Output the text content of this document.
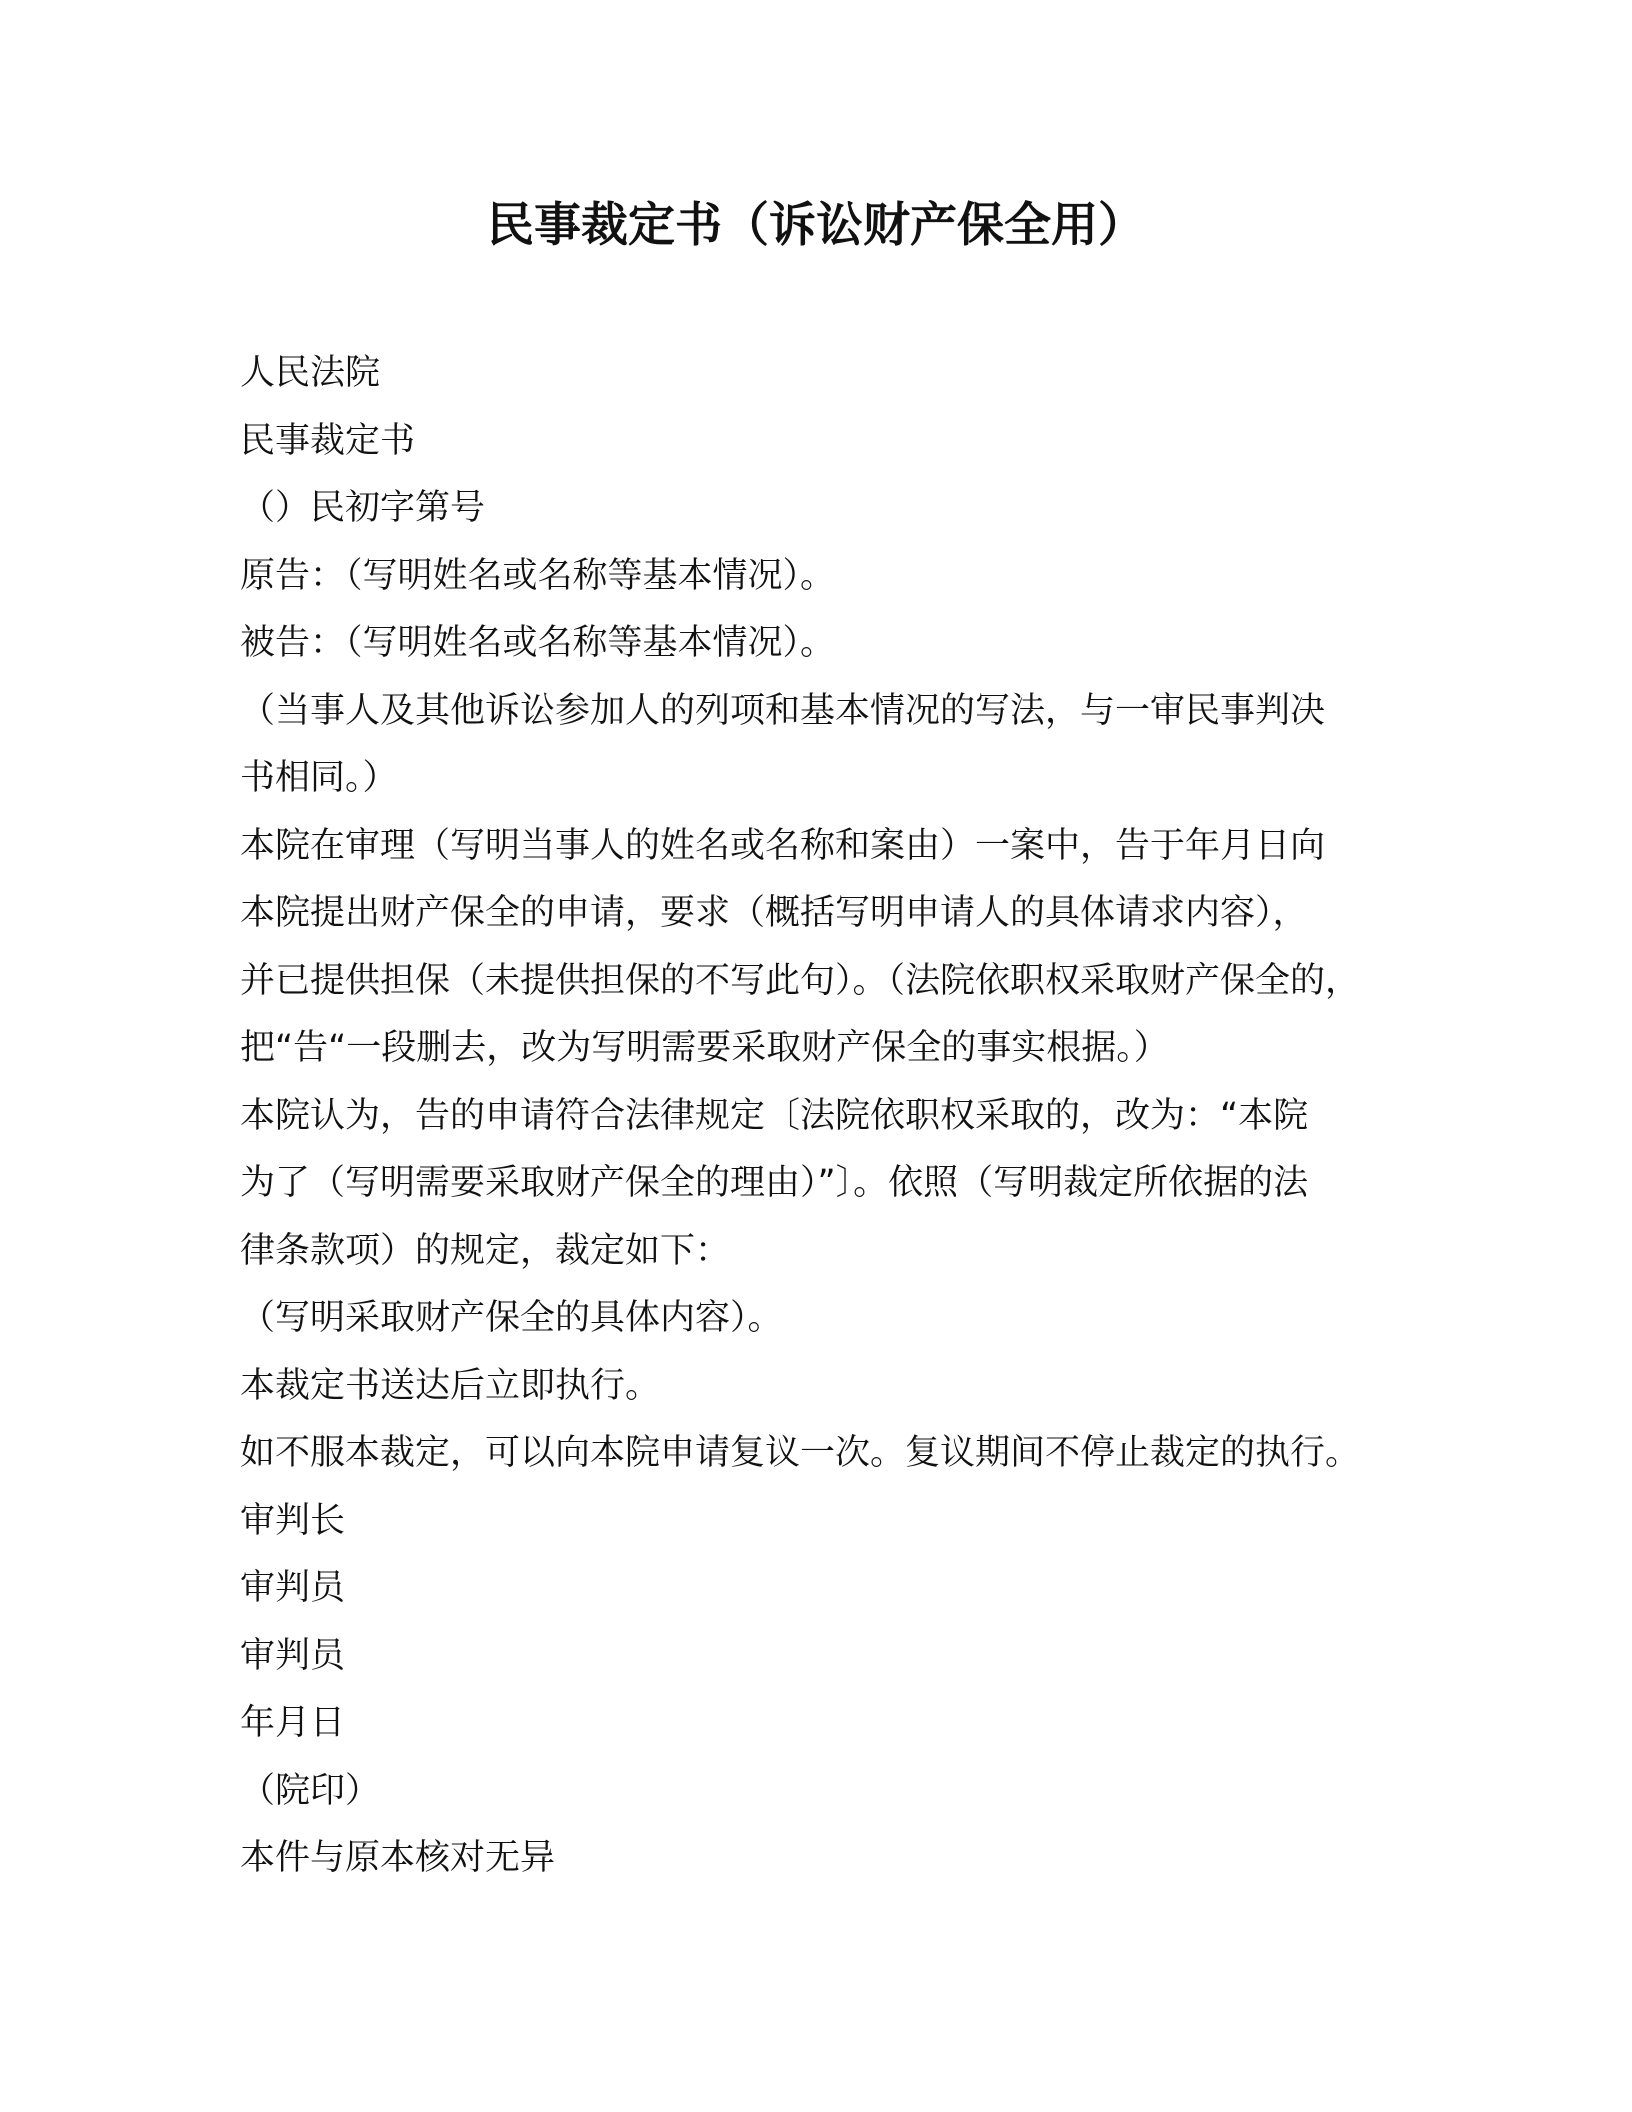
民事裁定书（诉讼财产保全用）
人民法院
民事裁定书
（）民初字第号
原告：（写明姓名或名称等基本情况）。
被告：（写明姓名或名称等基本情况）。
（当事人及其他诉讼参加人的列项和基本情况的写法，与一审民事判决
书相同。）
本院在审理（写明当事人的姓名或名称和案由）一案中，告于年月日向
本院提出财产保全的申请，要求（概括写明申请人的具体请求内容），
并已提供担保（未提供担保的不写此句）。（法院依职权采取财产保全的，
把“告“一段删去，改为写明需要采取财产保全的事实根据。）
本院认为，告的申请符合法律规定〔法院依职权采取的，改为：“本院
为了（写明需要采取财产保全的理由）”〕。依照（写明裁定所依据的法
律条款项）的规定，裁定如下：
（写明采取财产保全的具体内容）。
本裁定书送达后立即执行。
如不服本裁定，可以向本院申请复议一次。复议期间不停止裁定的执行。
审判长
审判员
审判员
年月日
（院印）
本件与原本核对无异
